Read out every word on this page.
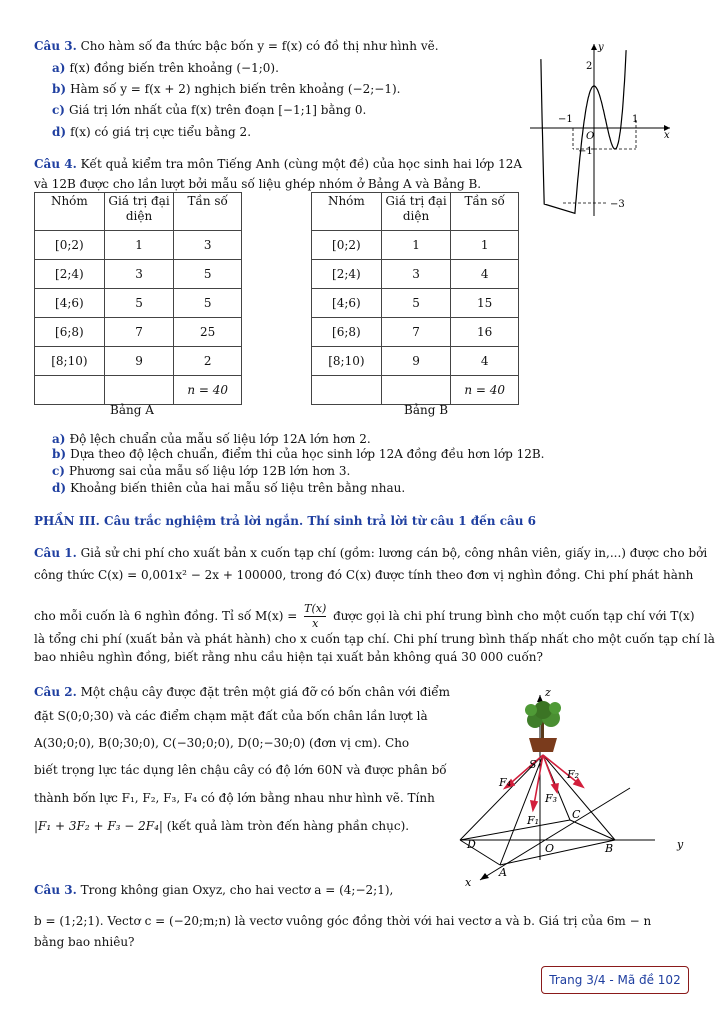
Câu 3. Cho hàm số đa thức bậc bốn y = f(x) có đồ thị như hình vẽ.
a) f(x) đồng biến trên khoảng (−1;0).
b) Hàm số y = f(x + 2) nghịch biến trên khoảng (−2;−1).
c) Giá trị lớn nhất của f(x) trên đoạn [−1;1] bằng 0.
d) f(x) có giá trị cực tiểu bằng 2.
y
x
O
2
−1	1
−1
−3
Câu 4. Kết quả kiểm tra môn Tiếng Anh (cùng một đề) của học sinh hai lớp 12A
và 12B được cho lần lượt bởi mẫu số liệu ghép nhóm ở Bảng A và Bảng B.
Nhóm	Giá trị đại diện	Tần số
[0;2)	1	3
[2;4)	3	5
[4;6)	5	5
[6;8)	7	25
[8;10)	9	2
		n = 40
Bảng A
Nhóm	Giá trị đại diện	Tần số
[0;2)	1	1
[2;4)	3	4
[4;6)	5	15
[6;8)	7	16
[8;10)	9	4
		n = 40
Bảng B
a) Độ lệch chuẩn của mẫu số liệu lớp 12A lớn hơn 2.
b) Dựa theo độ lệch chuẩn, điểm thi của học sinh lớp 12A đồng đều hơn lớp 12B.
c) Phương sai của mẫu số liệu lớp 12B lớn hơn 3.
d) Khoảng biến thiên của hai mẫu số liệu trên bằng nhau.
PHẦN III. Câu trắc nghiệm trả lời ngắn. Thí sinh trả lời từ câu 1 đến câu 6
Câu 1. Giả sử chi phí cho xuất bản x cuốn tạp chí (gồm: lương cán bộ, công nhân viên, giấy in,...) được cho bởi
công thức C(x) = 0,001x² − 2x + 100000, trong đó C(x) được tính theo đơn vị nghìn đồng. Chi phí phát hành
cho mỗi cuốn là 6 nghìn đồng. Tỉ số $M(x) = \frac{T(x)}{x}$ được gọi là chi phí trung bình cho một cuốn tạp chí với T(x)
là tổng chi phí (xuất bản và phát hành) cho x cuốn tạp chí. Chi phí trung bình thấp nhất cho một cuốn tạp chí là
bao nhiêu nghìn đồng, biết rằng nhu cầu hiện tại xuất bản không quá 30 000 cuốn?
Câu 2. Một chậu cây được đặt trên một giá đỡ có bốn chân với điểm
đặt S(0;0;30) và các điểm chạm mặt đất của bốn chân lần lượt là
A(30;0;0), B(0;30;0), C(−30;0;0), D(0;−30;0) (đơn vị cm). Cho
biết trọng lực tác dụng lên chậu cây có độ lớn 60N và được phân bố
thành bốn lực F₁, F₂, F₃, F₄ có độ lớn bằng nhau như hình vẽ. Tính
|F₁ + 3F₂ + F₃ − 2F₄| (kết quả làm tròn đến hàng phần chục).
z
y
x
S
O
A
B
C
D
F₄
F₁
F₃
F₂
Câu 3. Trong không gian Oxyz, cho hai vectơ a = (4;−2;1),
b = (1;2;1). Vectơ c = (−20;m;n) là vectơ vuông góc đồng thời với hai vectơ a và b. Giá trị của 6m − n
bằng bao nhiêu?
Trang 3/4 - Mã đề 102
